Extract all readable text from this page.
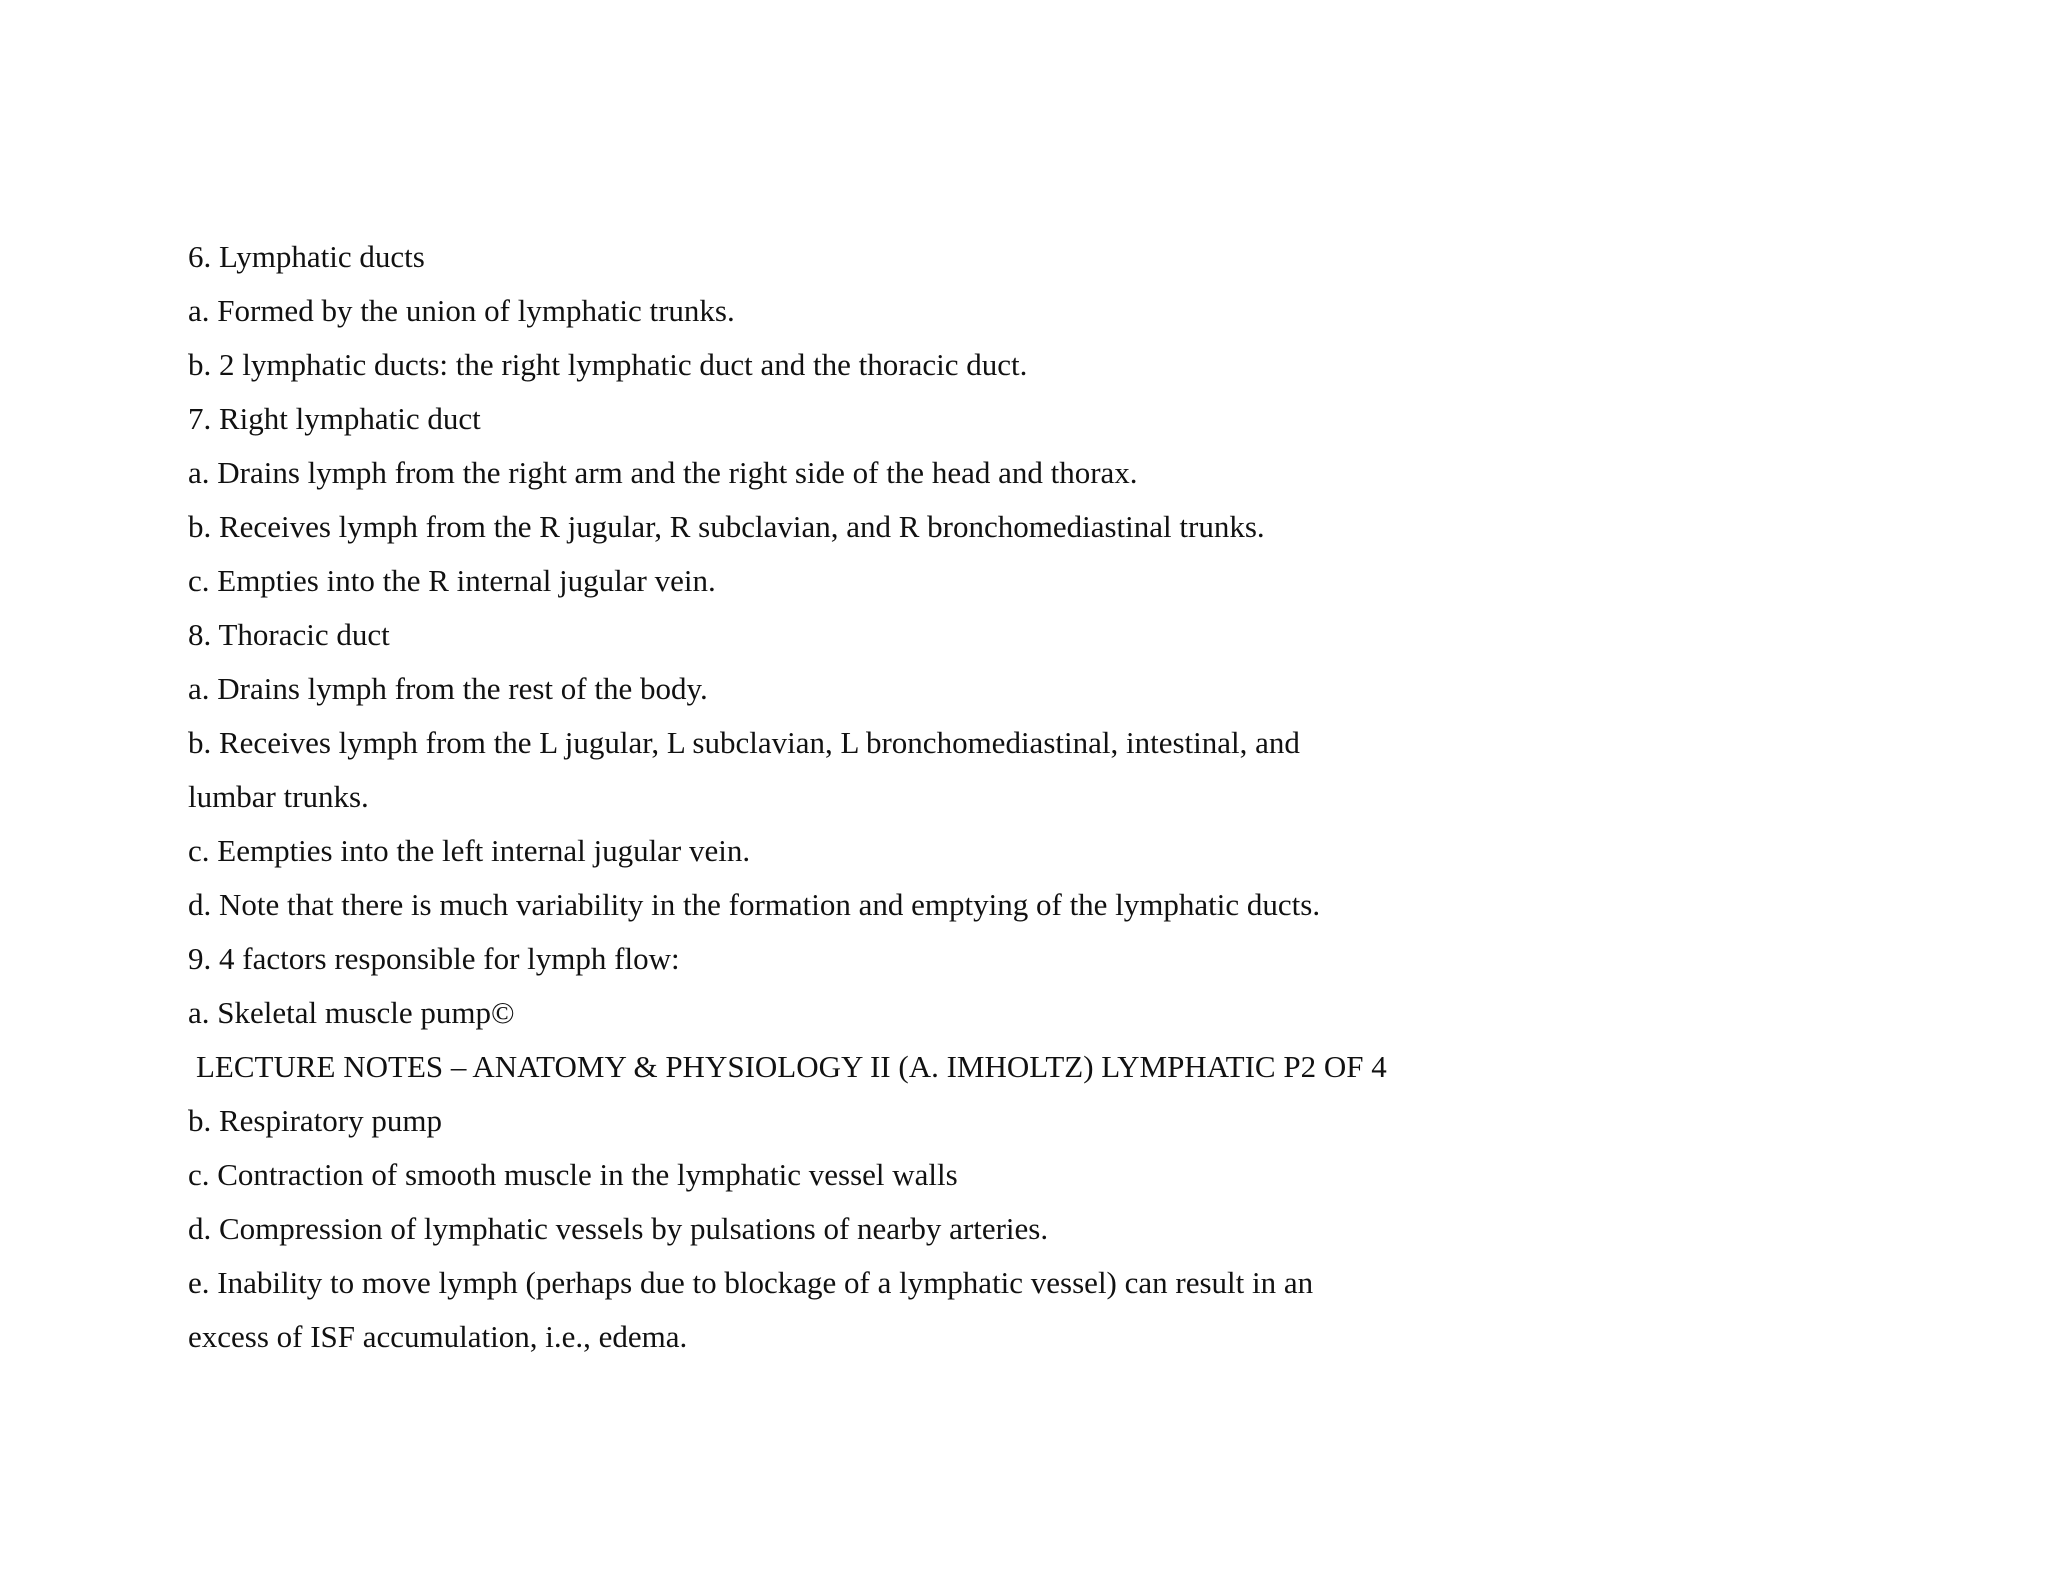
6. Lymphatic ducts
a. Formed by the union of lymphatic trunks.
b. 2 lymphatic ducts: the right lymphatic duct and the thoracic duct.
7. Right lymphatic duct
a. Drains lymph from the right arm and the right side of the head and thorax.
b. Receives lymph from the R jugular, R subclavian, and R bronchomediastinal trunks.
c. Empties into the R internal jugular vein.
8. Thoracic duct
a. Drains lymph from the rest of the body.
b. Receives lymph from the L jugular, L subclavian, L bronchomediastinal, intestinal, and
lumbar trunks.
c. Eempties into the left internal jugular vein.
d. Note that there is much variability in the formation and emptying of the lymphatic ducts.
9. 4 factors responsible for lymph flow:
a. Skeletal muscle pump©
LECTURE NOTES – ANATOMY & PHYSIOLOGY II (A. IMHOLTZ) LYMPHATIC P2 OF 4
b. Respiratory pump
c. Contraction of smooth muscle in the lymphatic vessel walls
d. Compression of lymphatic vessels by pulsations of nearby arteries.
e. Inability to move lymph (perhaps due to blockage of a lymphatic vessel) can result in an
excess of ISF accumulation, i.e., edema.
